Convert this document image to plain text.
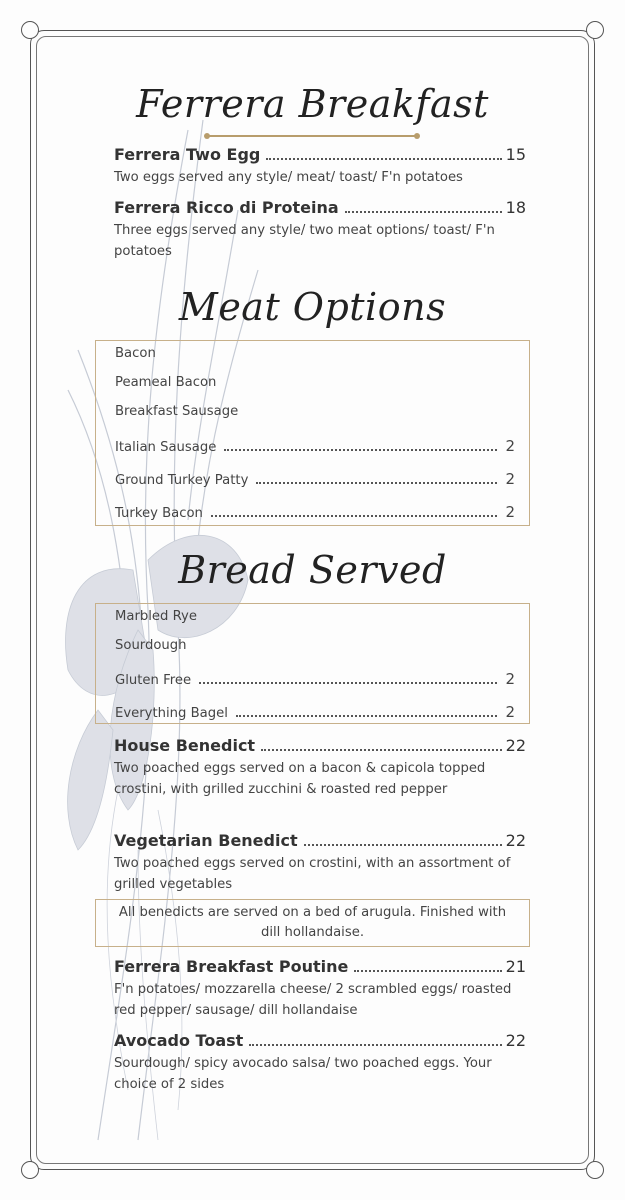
Ferrera Breakfast
Ferrera Two Egg	15
Two eggs served any style/ meat/ toast/ F'n potatoes
Ferrera Ricco di Proteina	18
Three eggs served any style/ two meat options/ toast/ F'n potatoes
Meat Options
Bacon
Peameal Bacon
Breakfast Sausage
Italian Sausage	2
Ground Turkey Patty	2
Turkey Bacon	2
Bread Served
Marbled Rye
Sourdough
Gluten Free	2
Everything Bagel	2
House Benedict	22
Two poached eggs served on a bacon & capicola topped crostini, with grilled zucchini & roasted red pepper
Vegetarian Benedict	22
Two poached eggs served on crostini, with an assortment of grilled vegetables
All benedicts are served on a bed of arugula. Finished with dill hollandaise.
Ferrera Breakfast Poutine	21
F'n potatoes/ mozzarella cheese/ 2 scrambled eggs/ roasted red pepper/ sausage/ dill hollandaise
Avocado Toast	22
Sourdough/ spicy avocado salsa/ two poached eggs. Your choice of 2 sides
